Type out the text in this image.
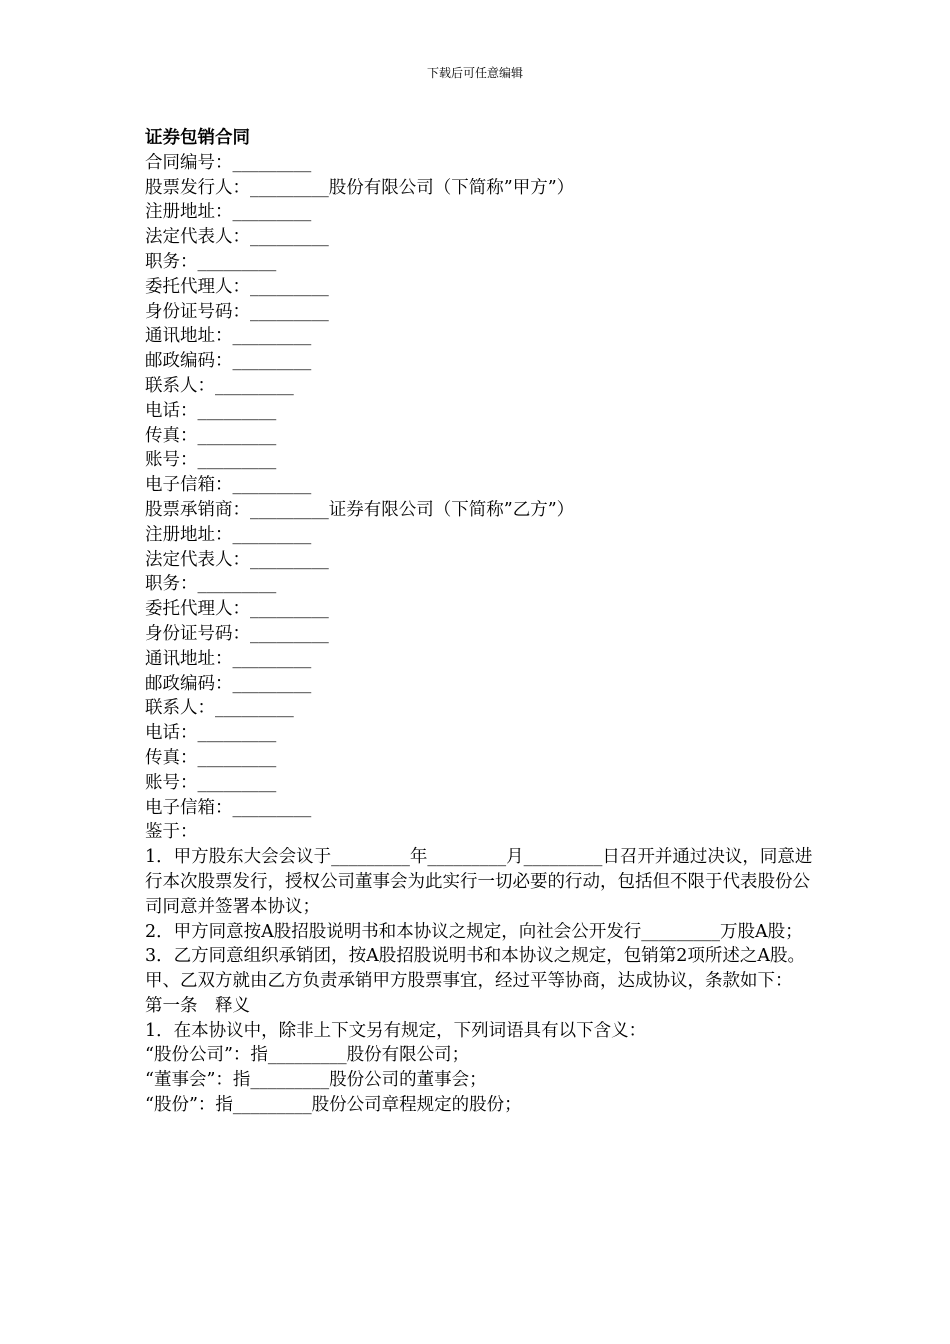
下载后可任意编辑

证券包销合同

合同编号：_________

股票发行人：_________股份有限公司（下简称”甲方”）

注册地址：_________

法定代表人：_________

职务：_________

委托代理人：_________

身份证号码：_________

通讯地址：_________

邮政编码：_________

联系人：_________

电话：_________

传真：_________

账号：_________

电子信箱：_________

股票承销商：_________证券有限公司（下简称”乙方”）

注册地址：_________

法定代表人：_________

职务：_________

委托代理人：_________

身份证号码：_________

通讯地址：_________

邮政编码：_________

联系人：_________

电话：_________

传真：_________

账号：_________

电子信箱：_________

鉴于：

1．甲方股东大会会议于_________年_________月_________日召开并通过决议，同意进行本次股票发行，授权公司董事会为此实行一切必要的行动，包括但不限于代表股份公司同意并签署本协议；

2．甲方同意按A股招股说明书和本协议之规定，向社会公开发行_________万股A股；

3．乙方同意组织承销团，按A股招股说明书和本协议之规定，包销第2项所述之A股。

甲、乙双方就由乙方负责承销甲方股票事宜，经过平等协商，达成协议，条款如下：

第一条　释义

1．在本协议中，除非上下文另有规定，下列词语具有以下含义：

“股份公司”：指_________股份有限公司；

“董事会”：指_________股份公司的董事会；

“股份”：指_________股份公司章程规定的股份；
